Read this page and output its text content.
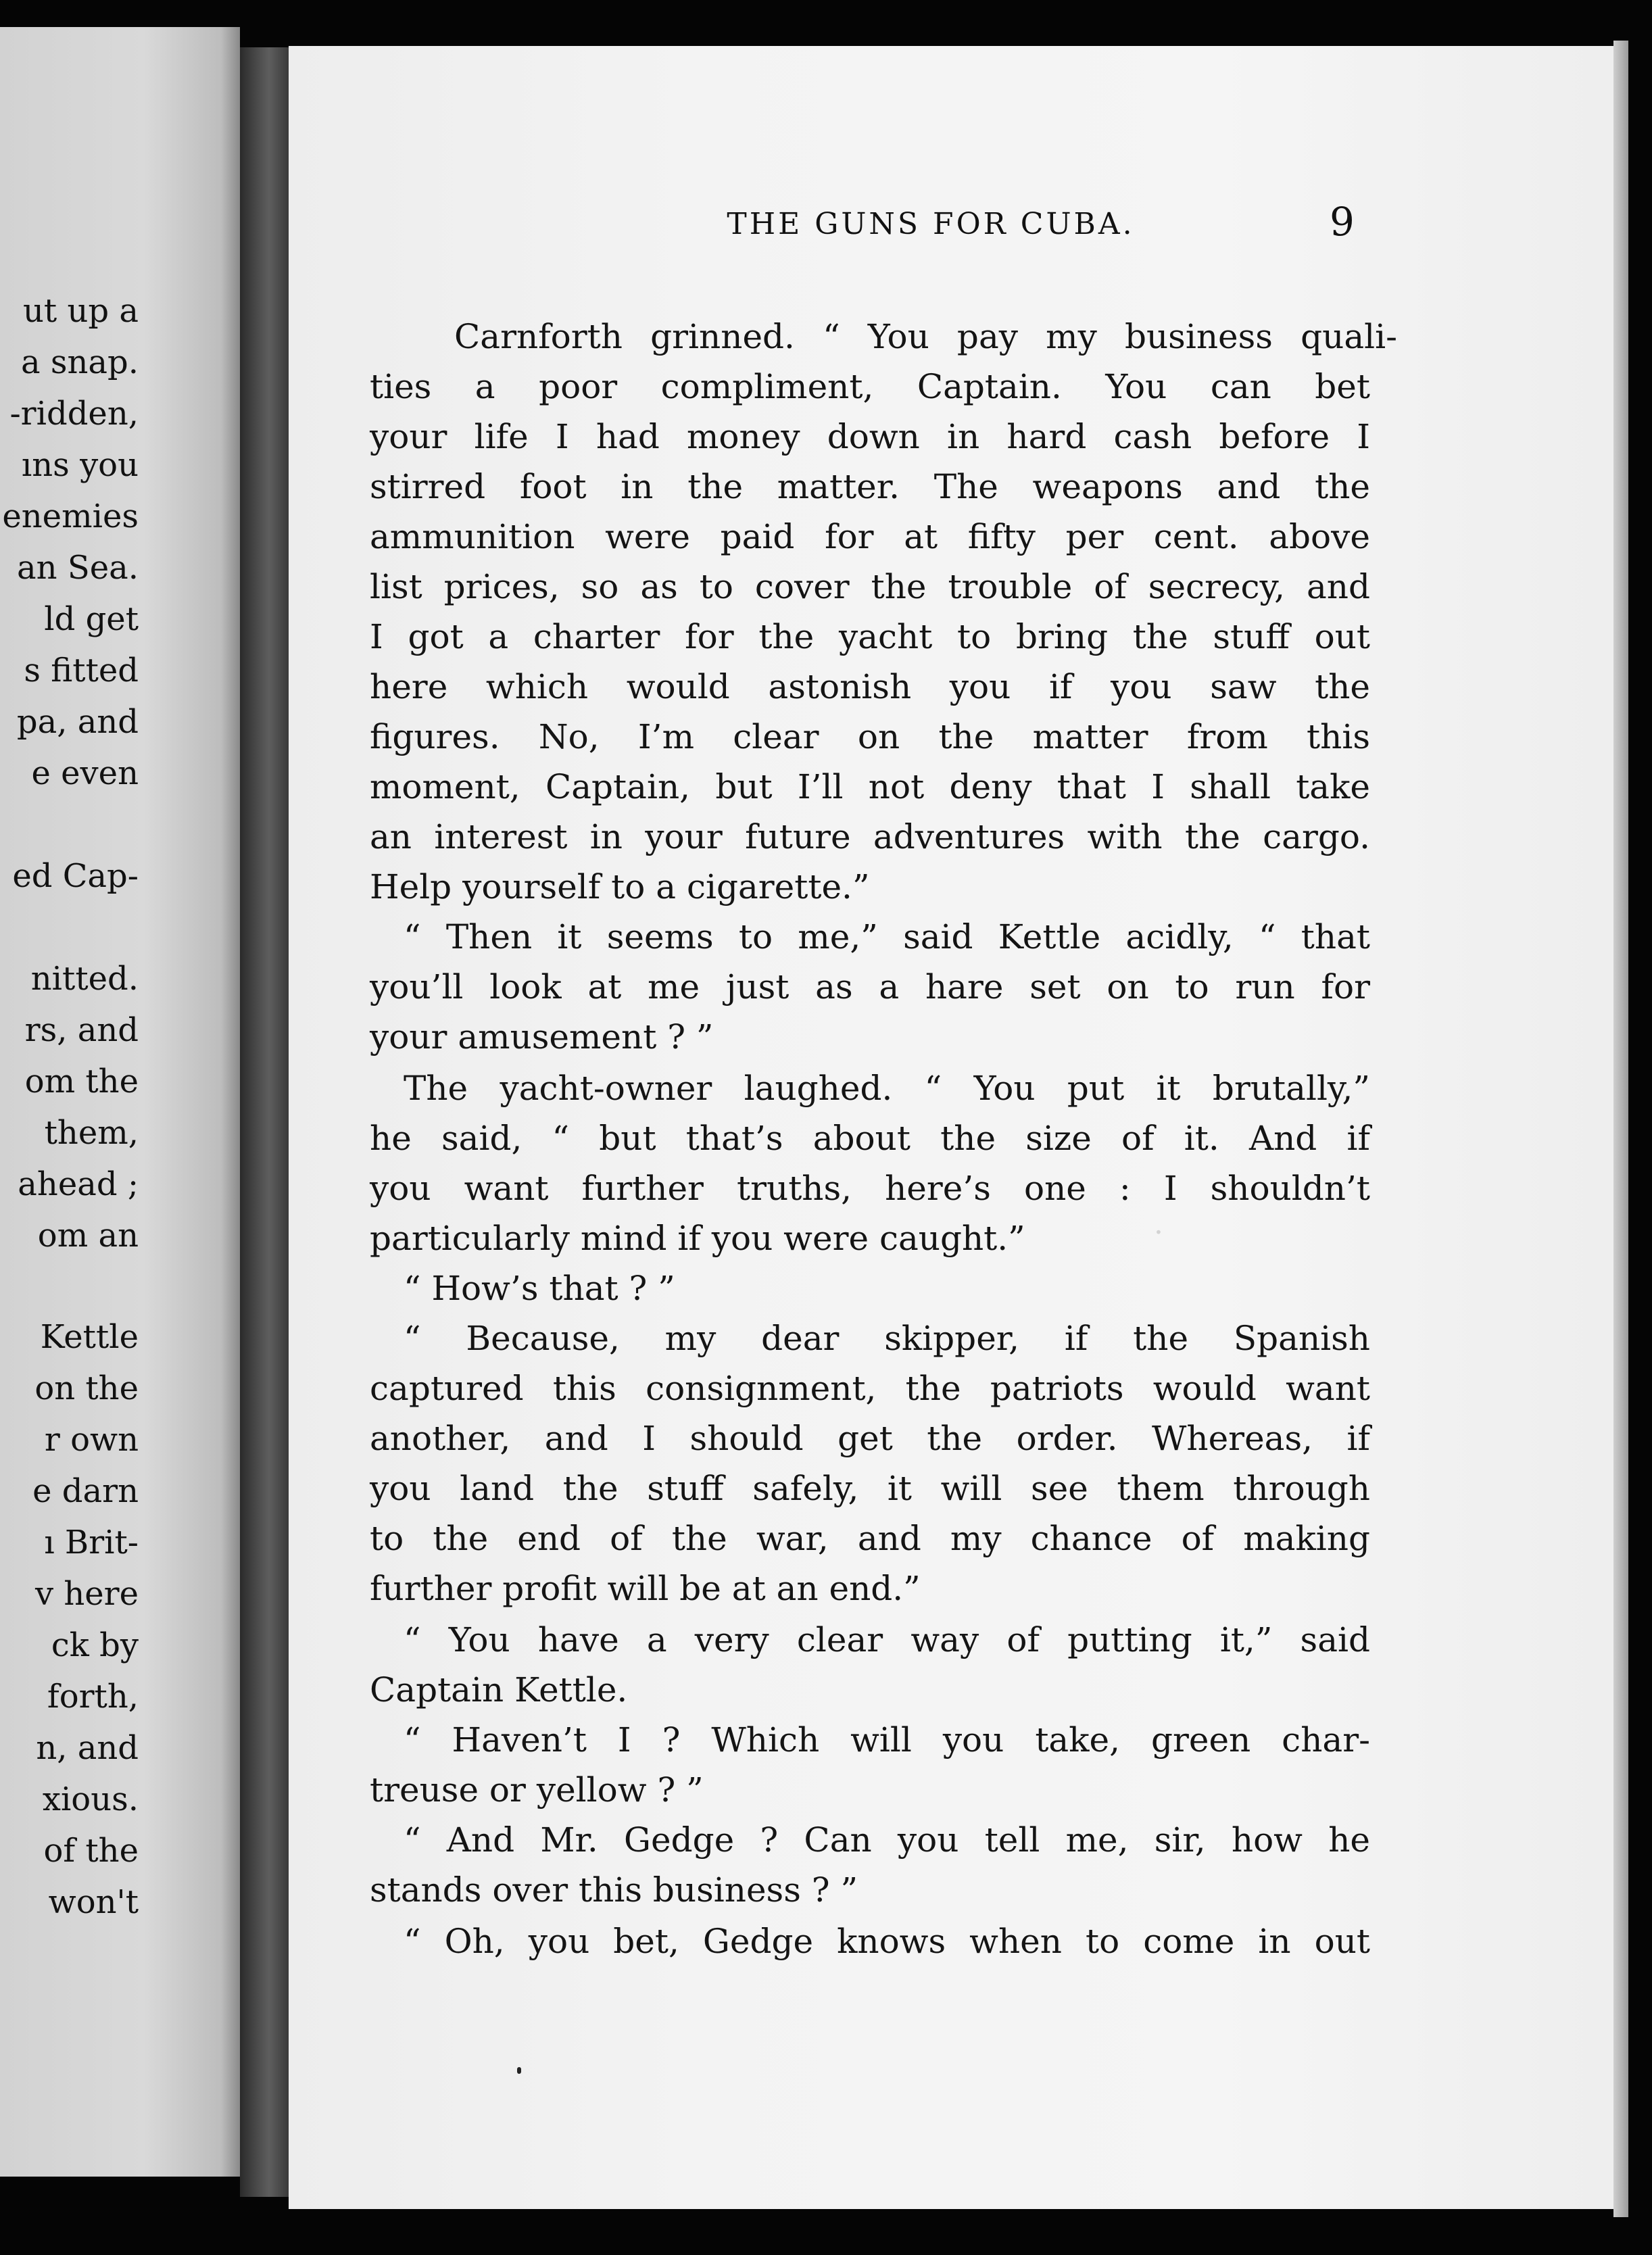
ut up a
a snap.
-ridden,
ıns you
enemies
an Sea.
ld get
s fitted
pa, and
e even
ed Cap-
nitted.
rs, and
om the
them,
ahead ;
om an
Kettle
on the
r own
e darn
ı Brit-
v here
ck by
forth,
n, and
xious.
of the
won't
·
THE GUNS FOR CUBA.	9
Carnforth grinned. “ You pay my business quali-
ties a poor compliment, Captain. You can bet
your life I had money down in hard cash before I
stirred foot in the matter. The weapons and the
ammunition were paid for at fifty per cent. above
list prices, so as to cover the trouble of secrecy, and
I got a charter for the yacht to bring the stuff out
here which would astonish you if you saw the
figures. No, I’m clear on the matter from this
moment, Captain, but I’ll not deny that I shall take
an interest in your future adventures with the cargo.
Help yourself to a cigarette.”
“ Then it seems to me,” said Kettle acidly, “ that
you’ll look at me just as a hare set on to run for
your amusement ? ”
The yacht-owner laughed. “ You put it brutally,”
he said, “ but that’s about the size of it. And if
you want further truths, here’s one : I shouldn’t
particularly mind if you were caught.”
“ How’s that ? ”
“ Because, my dear skipper, if the Spanish
captured this consignment, the patriots would want
another, and I should get the order. Whereas, if
you land the stuff safely, it will see them through
to the end of the war, and my chance of making
further profit will be at an end.”
“ You have a very clear way of putting it,” said
Captain Kettle.
“ Haven’t I ? Which will you take, green char-
treuse or yellow ? ”
“ And Mr. Gedge ? Can you tell me, sir, how he
stands over this business ? ”
“ Oh, you bet, Gedge knows when to come in out
